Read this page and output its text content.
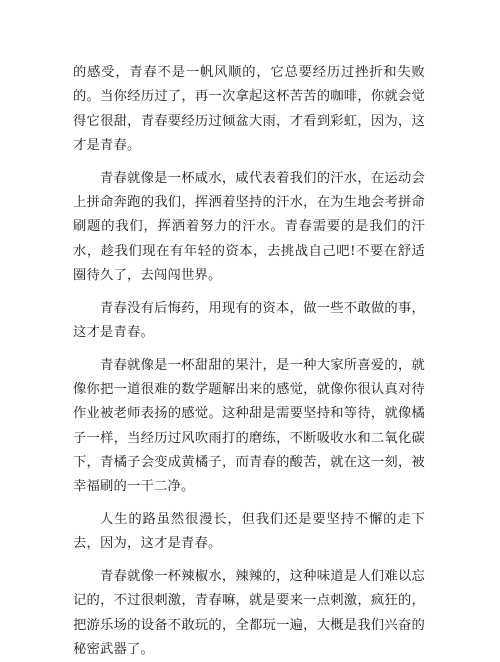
的感受，青春不是一帆风顺的，它总要经历过挫折和失败的。当你经历过了，再一次拿起这杯苦苦的咖啡，你就会觉得它很甜，青春要经历过倾盆大雨，才看到彩虹，因为，这才是青春。

青春就像是一杯咸水，咸代表着我们的汗水，在运动会上拼命奔跑的我们，挥洒着坚持的汗水，在为生地会考拼命刷题的我们，挥洒着努力的汗水。青春需要的是我们的汗水，趁我们现在有年轻的资本，去挑战自己吧!不要在舒适圈待久了，去闯闯世界。

青春没有后悔药，用现有的资本，做一些不敢做的事，这才是青春。

青春就像是一杯甜甜的果汁，是一种大家所喜爱的，就像你把一道很难的数学题解出来的感觉，就像你很认真对待作业被老师表扬的感觉。这种甜是需要坚持和等待，就像橘子一样，当经历过风吹雨打的磨练，不断吸收水和二氧化碳下，青橘子会变成黄橘子，而青春的酸苦，就在这一刻，被幸福刷的一干二净。

人生的路虽然很漫长，但我们还是要坚持不懈的走下去，因为，这才是青春。

青春就像一杯辣椒水，辣辣的，这种味道是人们难以忘记的，不过很刺激，青春嘛，就是要来一点刺激，疯狂的，把游乐场的设备不敢玩的，全都玩一遍，大概是我们兴奋的秘密武器了。
